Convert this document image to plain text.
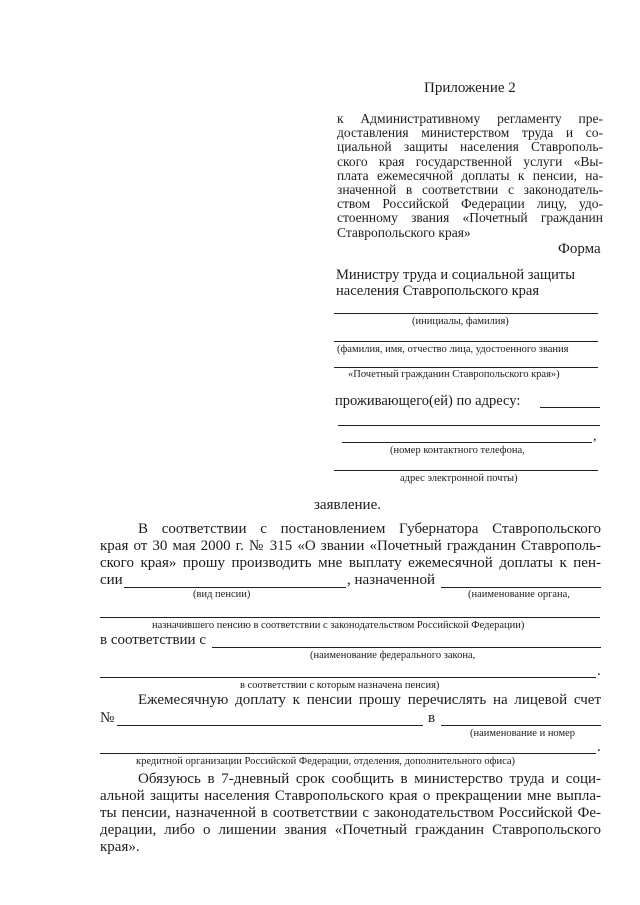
Приложение 2
к Административному регламенту пре-
доставления министерством труда и со-
циальной защиты населения Ставрополь-
ского края государственной услуги «Вы-
плата ежемесячной доплаты к пенсии, на-
значенной в соответствии с законодатель-
ством Российской Федерации лицу, удо-
стоенному звания «Почетный гражданин
Ставропольского края»
Форма
Министру труда и социальной защиты
населения Ставропольского края
(инициалы, фамилия)
(фамилия, имя, отчество лица, удостоенного звания
«Почетный гражданин Ставропольского края»)
проживающего(ей) по адресу:
,
(номер контактного телефона,
адрес электронной почты)
заявление.
В соответствии с постановлением Губернатора Ставропольского
края от 30 мая 2000 г. № 315 «О звании «Почетный гражданин Ставрополь-
ского края» прошу производить мне выплату ежемесячной доплаты к пен-
сии	, назначенной
(вид пенсии)	(наименование органа,
назначившего пенсию в соответствии с законодательством Российской Федерации)
в соответствии с
(наименование федерального закона,
.
в соответствии с которым назначена пенсия)
Ежемесячную доплату к пенсии прошу перечислять на лицевой счет
№	в
(наименование и номер
.
кредитной организации Российской Федерации, отделения, дополнительного офиса)
Обязуюсь в 7-дневный срок сообщить в министерство труда и соци-
альной защиты населения Ставропольского края о прекращении мне выпла-
ты пенсии, назначенной в соответствии с законодательством Российской Фе-
дерации, либо о лишении звания «Почетный гражданин Ставропольского
края».
